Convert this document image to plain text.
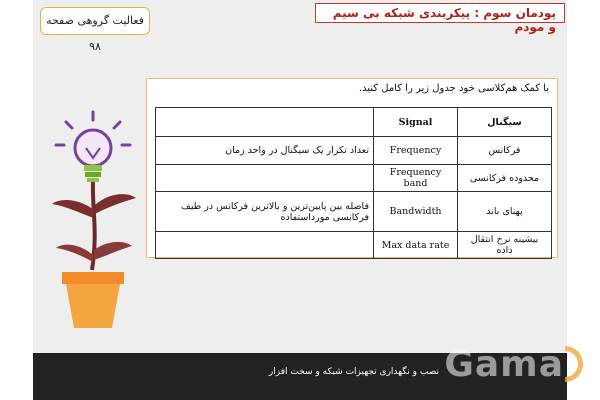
پودمان سوم : پیکربندی شبکه بی سیم و مودم
فعالیت گروهی صفحه ۹۸
با کمک هم‌کلاسی خود جدول زیر را کامل کنید.
	Signal	سیگنال
تعداد تکرار یک سیگنال در واحد زمان	Frequency	فرکانس
	Frequency band	محدوده فرکانسی
فاصله بین پایین‌ترین و بالاترین فرکانس در طیف فرکانسی مورداستفاده	Bandwidth	پهنای باند
	Max data rate	بیشینه نرخ انتقال داده
نصب و نگهداری تجهیزات شبکه و سخت افزار Gama
